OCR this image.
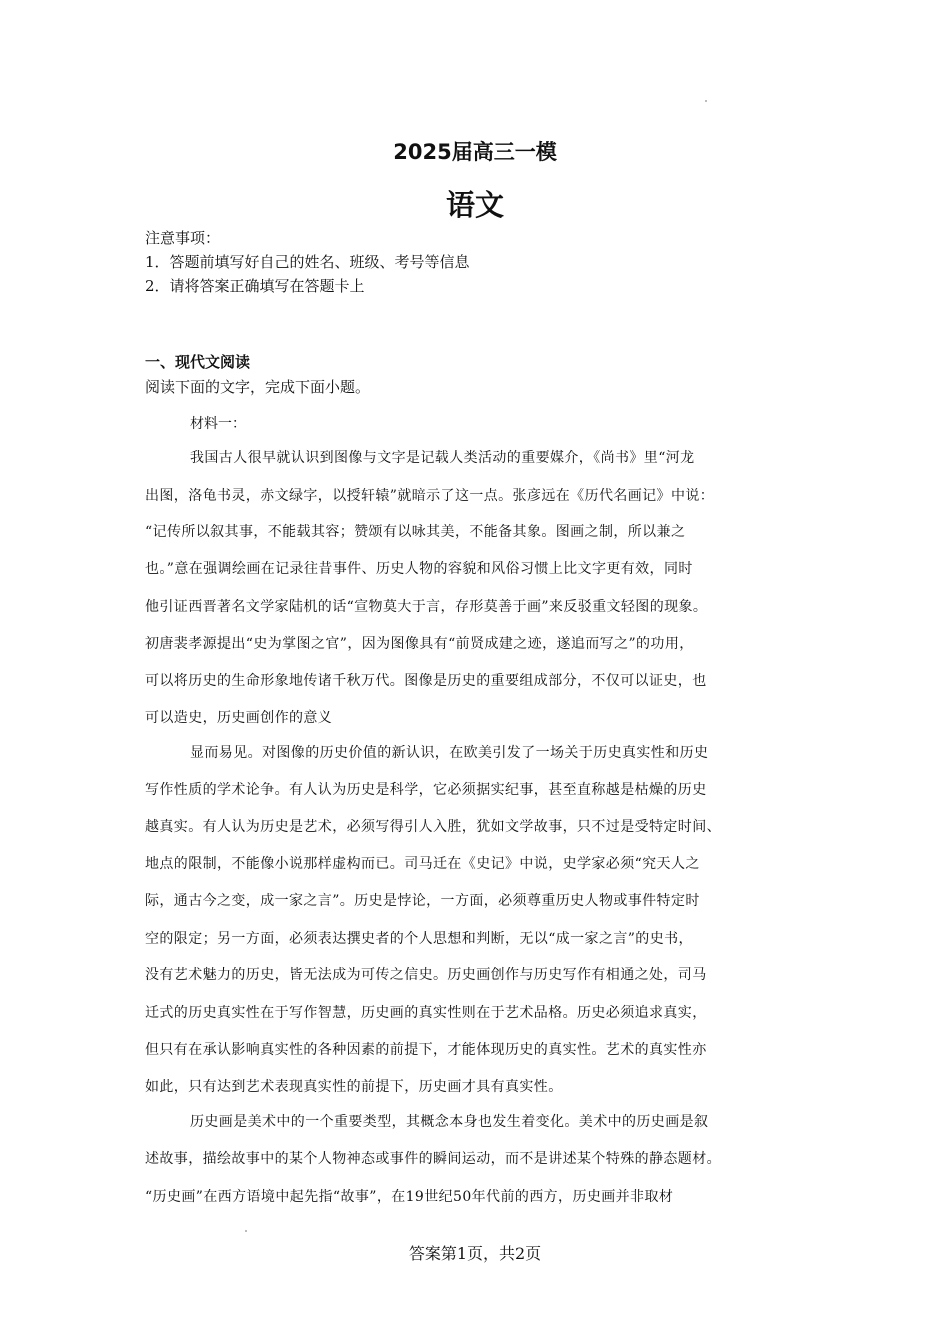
2025届高三一模
语文
注意事项：
1．答题前填写好自己的姓名、班级、考号等信息
2．请将答案正确填写在答题卡上
一、现代文阅读
阅读下面的文字，完成下面小题。
材料一：
我国古人很早就认识到图像与文字是记载人类活动的重要媒介，《尚书》里“河龙
出图，洛龟书灵，赤文绿字，以授轩辕”就暗示了这一点。张彦远在《历代名画记》中说：
“记传所以叙其事，不能载其容；赞颂有以咏其美，不能备其象。图画之制，所以兼之
也。”意在强调绘画在记录往昔事件、历史人物的容貌和风俗习惯上比文字更有效，同时
他引证西晋著名文学家陆机的话“宣物莫大于言，存形莫善于画”来反驳重文轻图的现象。
初唐裴孝源提出“史为掌图之官”，因为图像具有“前贤成建之迹，遂追而写之”的功用，
可以将历史的生命形象地传诸千秋万代。图像是历史的重要组成部分，不仅可以证史，也
可以造史，历史画创作的意义
显而易见。对图像的历史价值的新认识，在欧美引发了一场关于历史真实性和历史
写作性质的学术论争。有人认为历史是科学，它必须据实纪事，甚至直称越是枯燥的历史
越真实。有人认为历史是艺术，必须写得引人入胜，犹如文学故事，只不过是受特定时间、
地点的限制，不能像小说那样虚构而已。司马迁在《史记》中说，史学家必须“究天人之
际，通古今之变，成一家之言”。历史是悖论，一方面，必须尊重历史人物或事件特定时
空的限定；另一方面，必须表达撰史者的个人思想和判断，无以“成一家之言”的史书，
没有艺术魅力的历史，皆无法成为可传之信史。历史画创作与历史写作有相通之处，司马
迁式的历史真实性在于写作智慧，历史画的真实性则在于艺术品格。历史必须追求真实，
但只有在承认影响真实性的各种因素的前提下，才能体现历史的真实性。艺术的真实性亦
如此，只有达到艺术表现真实性的前提下，历史画才具有真实性。
历史画是美术中的一个重要类型，其概念本身也发生着变化。美术中的历史画是叙
述故事，描绘故事中的某个人物神态或事件的瞬间运动，而不是讲述某个特殊的静态题材。
“历史画”在西方语境中起先指“故事”，在19世纪50年代前的西方，历史画并非取材
答案第1页，共2页
